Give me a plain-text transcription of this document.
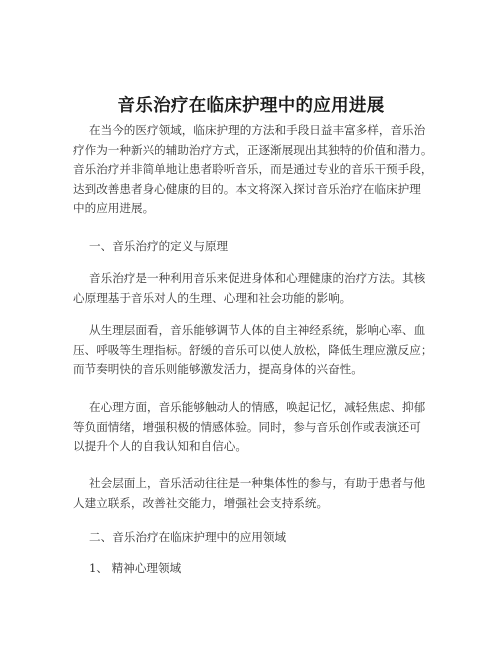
音乐治疗在临床护理中的应用进展
在当今的医疗领域，临床护理的方法和手段日益丰富多样，音乐治
疗作为一种新兴的辅助治疗方式，正逐渐展现出其独特的价值和潜力。
音乐治疗并非简单地让患者聆听音乐，而是通过专业的音乐干预手段，
达到改善患者身心健康的目的。本文将深入探讨音乐治疗在临床护理
中的应用进展。
一、音乐治疗的定义与原理
音乐治疗是一种利用音乐来促进身体和心理健康的治疗方法。其核
心原理基于音乐对人的生理、心理和社会功能的影响。
从生理层面看，音乐能够调节人体的自主神经系统，影响心率、血
压、呼吸等生理指标。舒缓的音乐可以使人放松，降低生理应激反应；
而节奏明快的音乐则能够激发活力，提高身体的兴奋性。
在心理方面，音乐能够触动人的情感，唤起记忆，减轻焦虑、抑郁
等负面情绪，增强积极的情感体验。同时，参与音乐创作或表演还可
以提升个人的自我认知和自信心。
社会层面上，音乐活动往往是一种集体性的参与，有助于患者与他
人建立联系，改善社交能力，增强社会支持系统。
二、音乐治疗在临床护理中的应用领域
1、 精神心理领域
